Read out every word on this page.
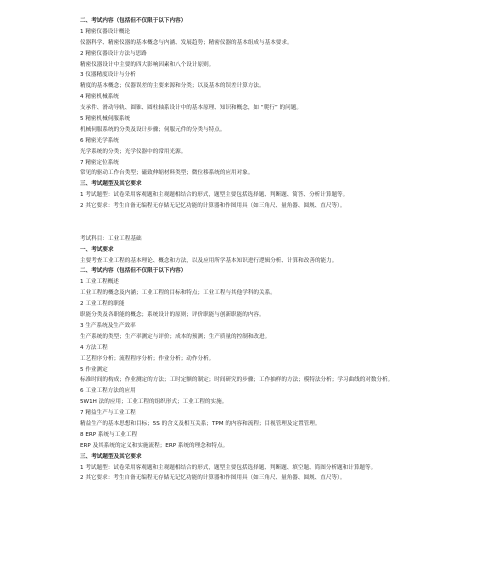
二、考试内容（包括但不仅限于以下内容）
1 精密仪器设计概论
仪器科学、精密仪器的基本概念与内涵、发展趋势；精密仪器的基本组成与基本要求。
2 精密仪器设计方法与思路
精密仪器设计中主要的四大影响因素和八个设计原则。
3 仪器精度设计与分析
精度的基本概念；仪器误差的主要来源和分类；以及基本的误差计算方法。
4 精密机械系统
支承件、滑动导轨、圆锥、圆柱轴系设计中的基本原理、知识和概念，如 “爬行” 的问题。
5 精密机械伺服系统
机械伺服系统的分类及设计步骤；伺服元件的分类与特点。
6 精密光学系统
光学系统的分类；光学仪器中的常用光源。
7 精密定位系统
常见的驱动工作台类型；磁致伸缩材料类型；微位移系统的应用对象。
三、考试题型及其它要求
1 考试题型：试卷采用客观题和主观题相结合的形式，题型主要包括选择题、判断题、简答、分析计算题等。
2 其它要求：考生自备无编程无存储无记忆功能的计算器和作图用具（如三角尺、量角器、圆规、直尺等）。
考试科目：工业工程基础
一、考试要求
主要考查工业工程的基本理论、概念和方法，以及应用所学基本知识进行逻辑分析、计算和改善的能力。
二、考试内容（包括但不仅限于以下内容）
1 工业工程概述
工业工程的概念及内涵；工业工程的目标和特点；工业工程与其他学科的关系。
2 工业工程的职能
职能分类及各职能的概念；系统设计的原则；评价职能与创新职能的内容。
3 生产系统及生产效率
生产系统的类型；生产率测定与评价；成本的预测；生产质量的控制和改进。
4 方法工程
工艺程序分析；流程程序分析；作业分析；动作分析。
5 作业测定
标准时间的构成；作业测定的方法；工时定额的制定；时间研究的步骤；工作抽样的方法；模特法分析；学习曲线的对数分析。
6 工业工程方法的应用
5W1H 法的应用；工业工程的组织形式；工业工程的实施。
7 精益生产与工业工程
精益生产的基本思想和目标；5S 的含义及相互关系；TPM 的内容和流程；目视管理及定置管理。
8 ERP 系统与工业工程
ERP 及其系统的定义和实施流程；ERP 系统的理念和特点。
三、考试题型及其它要求
1 考试题型：试卷采用客观题和主观题相结合的形式，题型主要包括选择题、判断题、填空题、简图分析题和计算题等。
2 其它要求：考生自备无编程无存储无记忆功能的计算器和作图用具（如三角尺、量角器、圆规、直尺等）。
